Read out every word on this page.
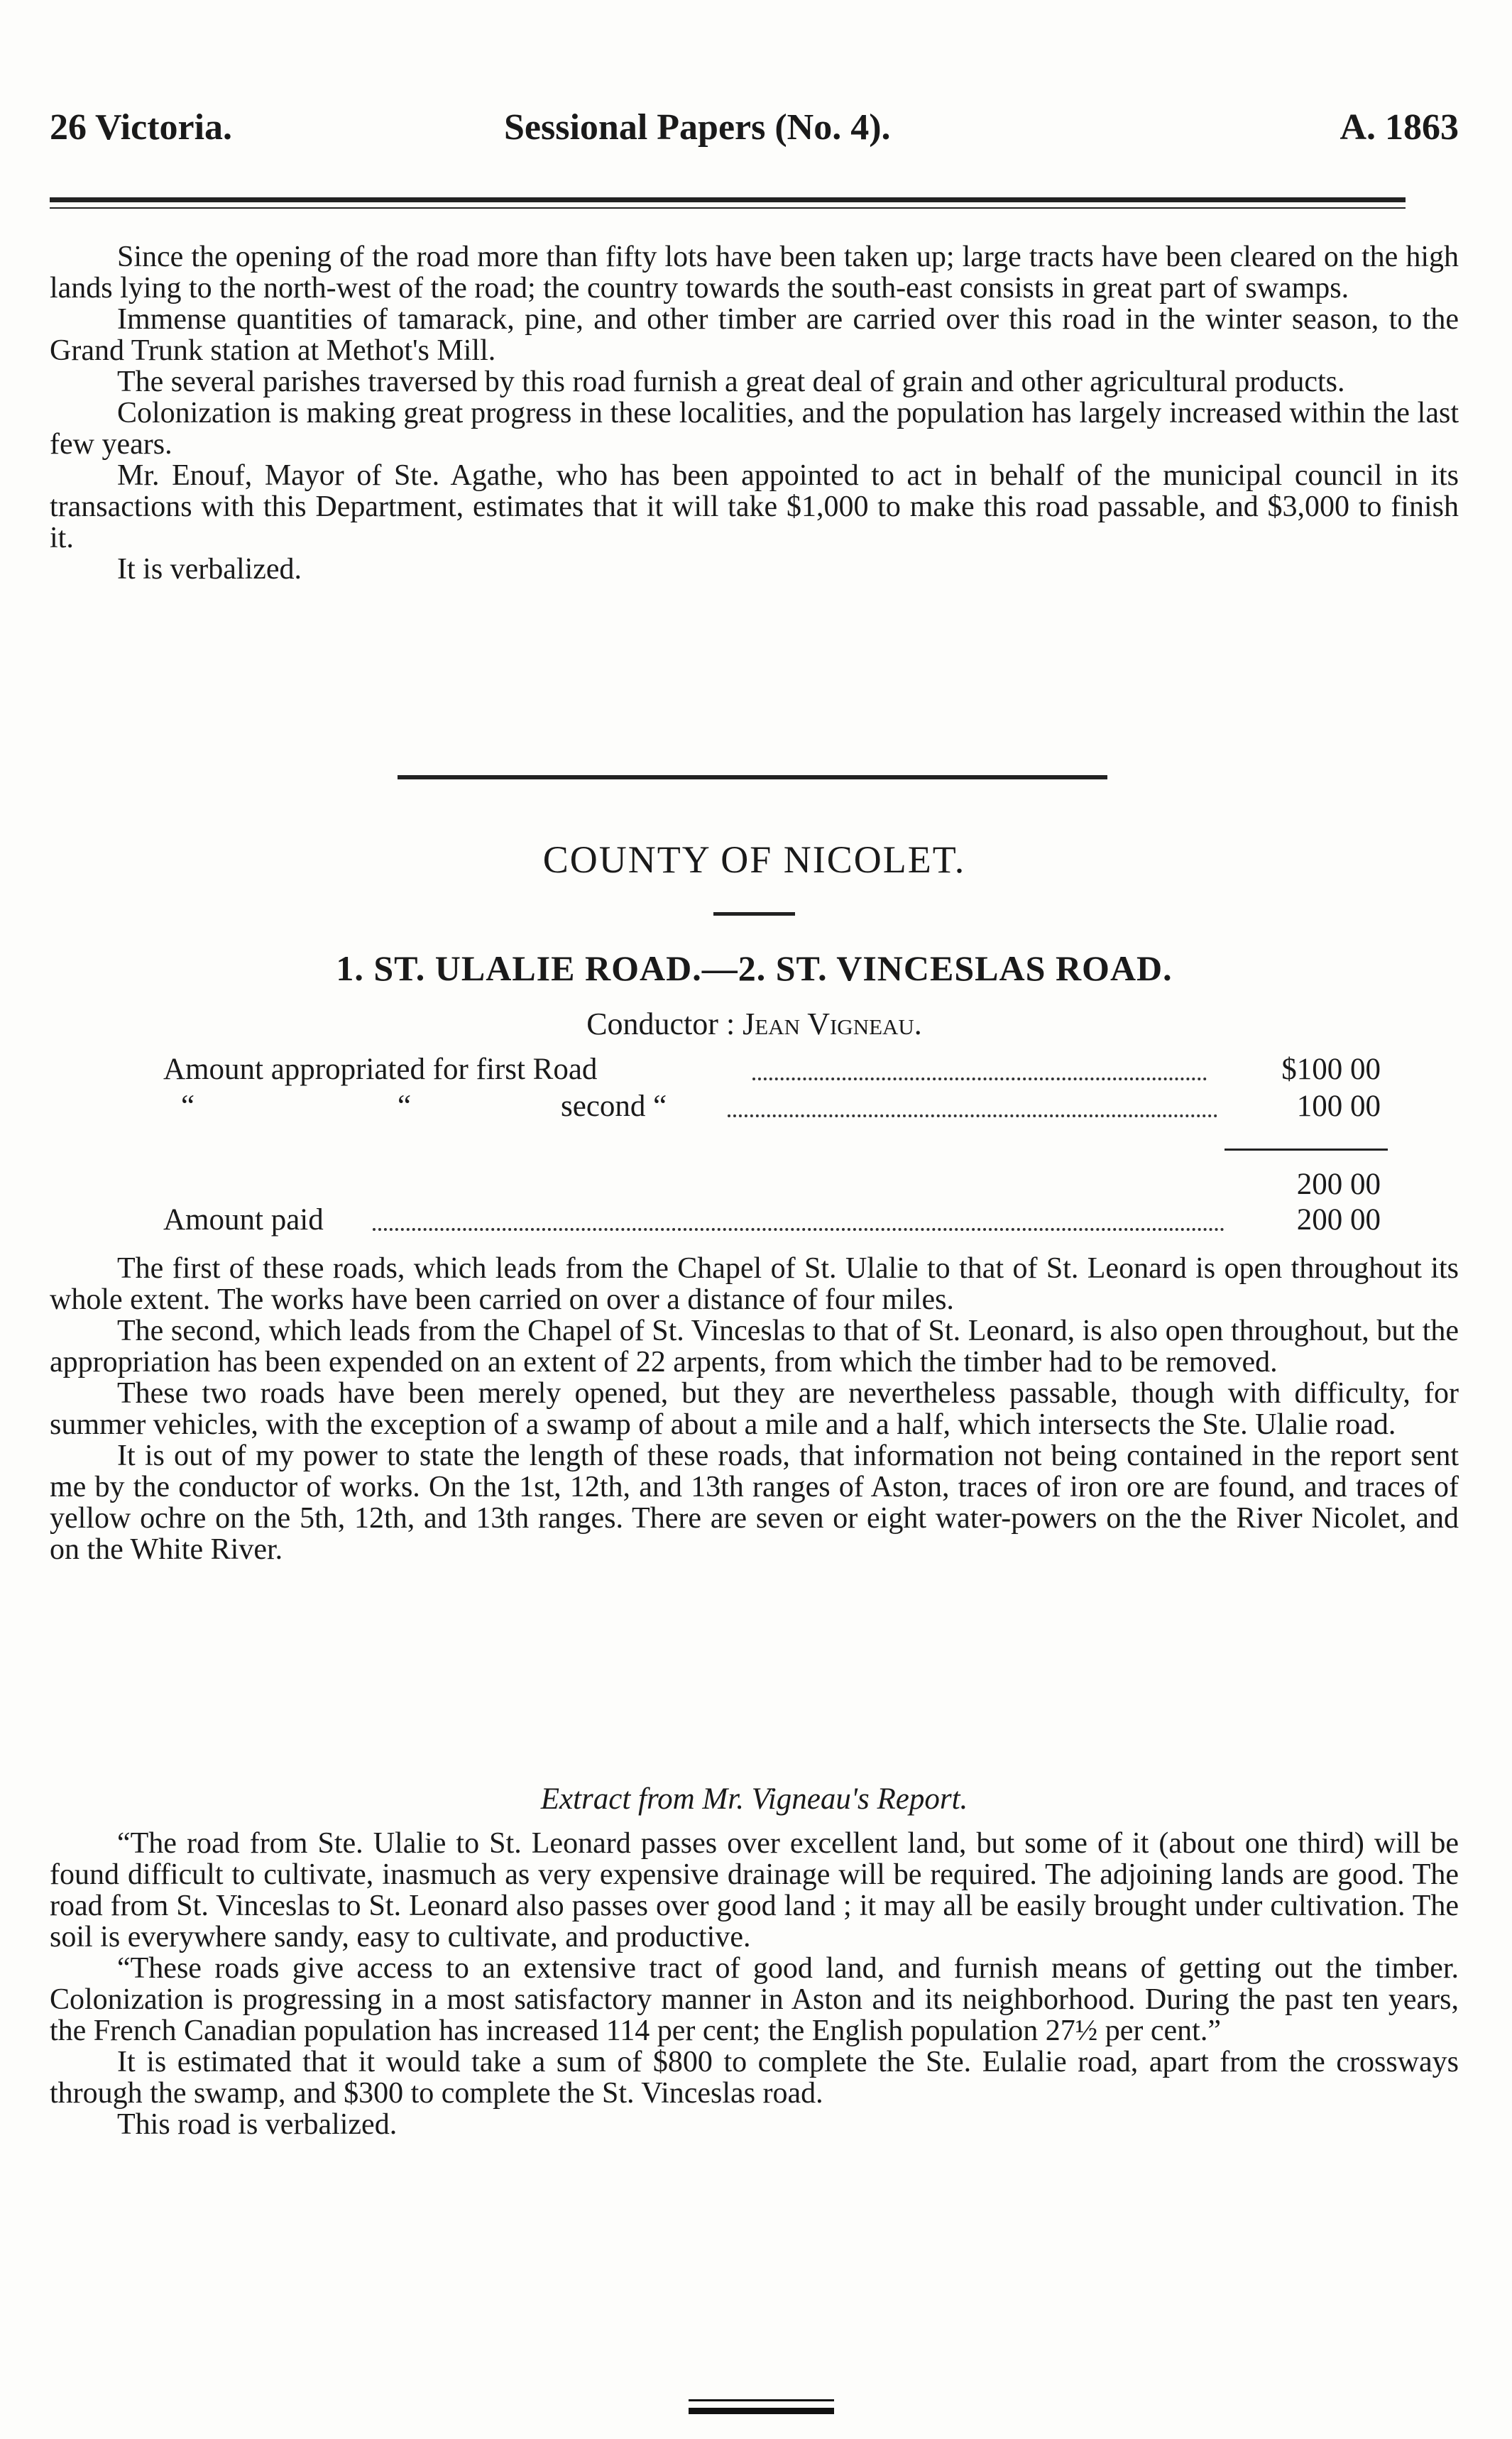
26 Victoria.	Sessional Papers (No. 4).	A. 1863

Since the opening of the road more than fifty lots have been taken up; large tracts have been cleared on the high lands lying to the north-west of the road; the country towards the south-east consists in great part of swamps.

Immense quantities of tamarack, pine, and other timber are carried over this road in the winter season, to the Grand Trunk station at Methot's Mill.

The several parishes traversed by this road furnish a great deal of grain and other agricultural products.

Colonization is making great progress in these localities, and the population has largely increased within the last few years.

Mr. Enouf, Mayor of Ste. Agathe, who has been appointed to act in behalf of the municipal council in its transactions with this Department, estimates that it will take $1,000 to make this road passable, and $3,000 to finish it.

It is verbalized.

COUNTY OF NICOLET.
1. ST. ULALIE ROAD.—2. ST. VINCESLAS ROAD.
Conductor : Jean Vigneau.
Amount appropriated for first Road	$100 00
“	“	second “	100 00
200 00
Amount paid	200 00

The first of these roads, which leads from the Chapel of St. Ulalie to that of St. Leonard is open throughout its whole extent. The works have been carried on over a distance of four miles.

The second, which leads from the Chapel of St. Vinceslas to that of St. Leonard, is also open throughout, but the appropriation has been expended on an extent of 22 arpents, from which the timber had to be removed.

These two roads have been merely opened, but they are nevertheless passable, though with difficulty, for summer vehicles, with the exception of a swamp of about a mile and a half, which intersects the Ste. Ulalie road.

It is out of my power to state the length of these roads, that information not being contained in the report sent me by the conductor of works. On the 1st, 12th, and 13th ranges of Aston, traces of iron ore are found, and traces of yellow ochre on the 5th, 12th, and 13th ranges. There are seven or eight water-powers on the the River Nicolet, and on the White River.

Extract from Mr. Vigneau's Report.

“The road from Ste. Ulalie to St. Leonard passes over excellent land, but some of it (about one third) will be found difficult to cultivate, inasmuch as very expensive drainage will be required. The adjoining lands are good. The road from St. Vinceslas to St. Leonard also passes over good land ; it may all be easily brought under cultivation. The soil is everywhere sandy, easy to cultivate, and productive.

“These roads give access to an extensive tract of good land, and furnish means of getting out the timber. Colonization is progressing in a most satisfactory manner in Aston and its neighborhood. During the past ten years, the French Canadian population has increased 114 per cent; the English population 27½ per cent.”

It is estimated that it would take a sum of $800 to complete the Ste. Eulalie road, apart from the crossways through the swamp, and $300 to complete the St. Vinceslas road.

This road is verbalized.
